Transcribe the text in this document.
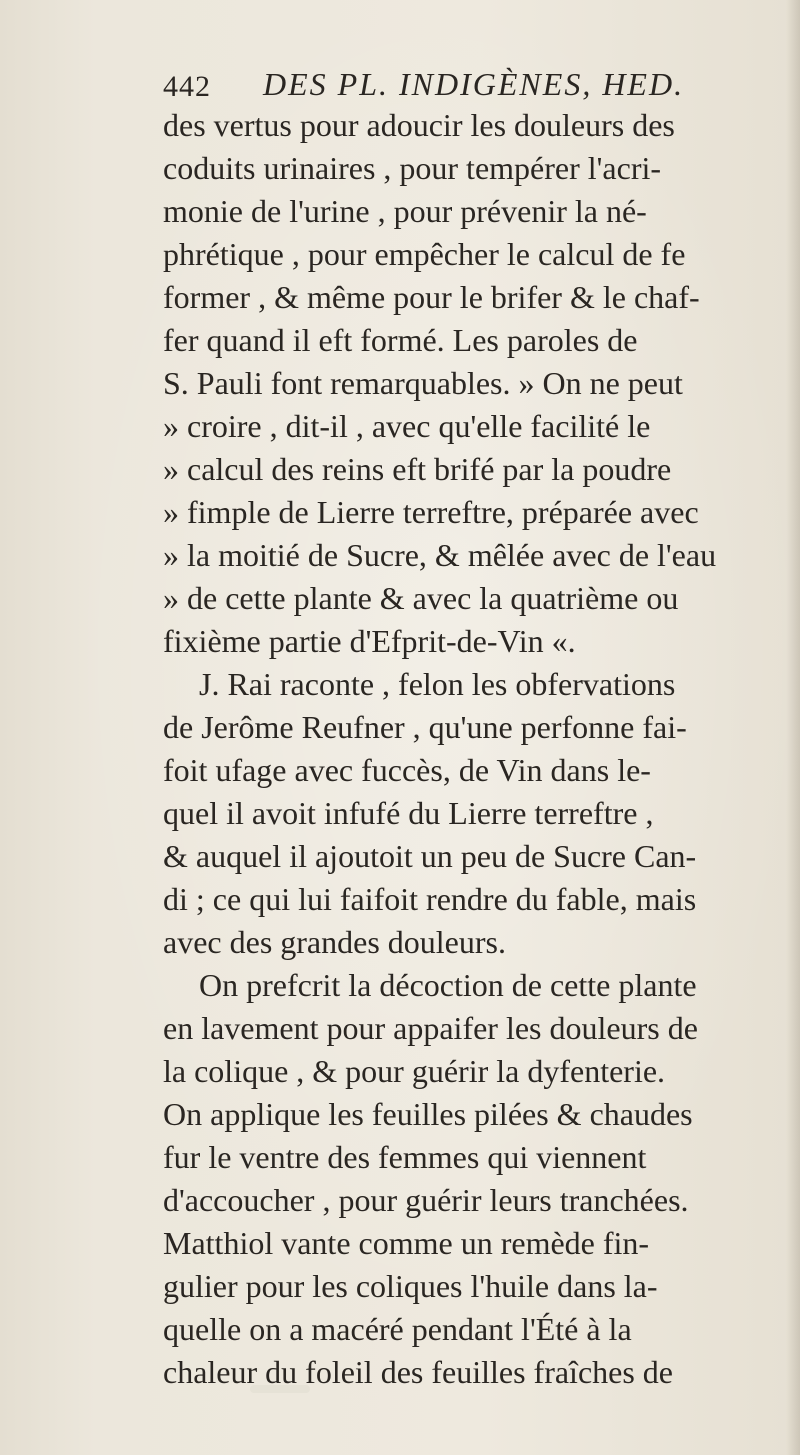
442 DES PL. INDIGÈNES, HED.
des vertus pour adoucir les douleurs des
coduits urinaires , pour tempérer l'acri-
monie de l'urine , pour prévenir la né-
phrétique , pour empêcher le calcul de fe
former , & même pour le brifer & le chaf-
fer quand il eft formé. Les paroles de
S. Pauli font remarquables. » On ne peut
» croire , dit-il , avec qu'elle facilité le
» calcul des reins eft brifé par la poudre
» fimple de Lierre terreftre, préparée avec
» la moitié de Sucre, & mêlée avec de l'eau
» de cette plante & avec la quatrième ou
fixième partie d'Efprit-de-Vin «.
J. Rai raconte , felon les obfervations
de Jerôme Reufner , qu'une perfonne fai-
foit ufage avec fuccès, de Vin dans le-
quel il avoit infufé du Lierre terreftre ,
& auquel il ajoutoit un peu de Sucre Can-
di ; ce qui lui faifoit rendre du fable, mais
avec des grandes douleurs.
On prefcrit la décoction de cette plante
en lavement pour appaifer les douleurs de
la colique , & pour guérir la dyfenterie.
On applique les feuilles pilées & chaudes
fur le ventre des femmes qui viennent
d'accoucher , pour guérir leurs tranchées.
Matthiol vante comme un remède fin-
gulier pour les coliques l'huile dans la-
quelle on a macéré pendant l'Été à la
chaleur du foleil des feuilles fraîches de
